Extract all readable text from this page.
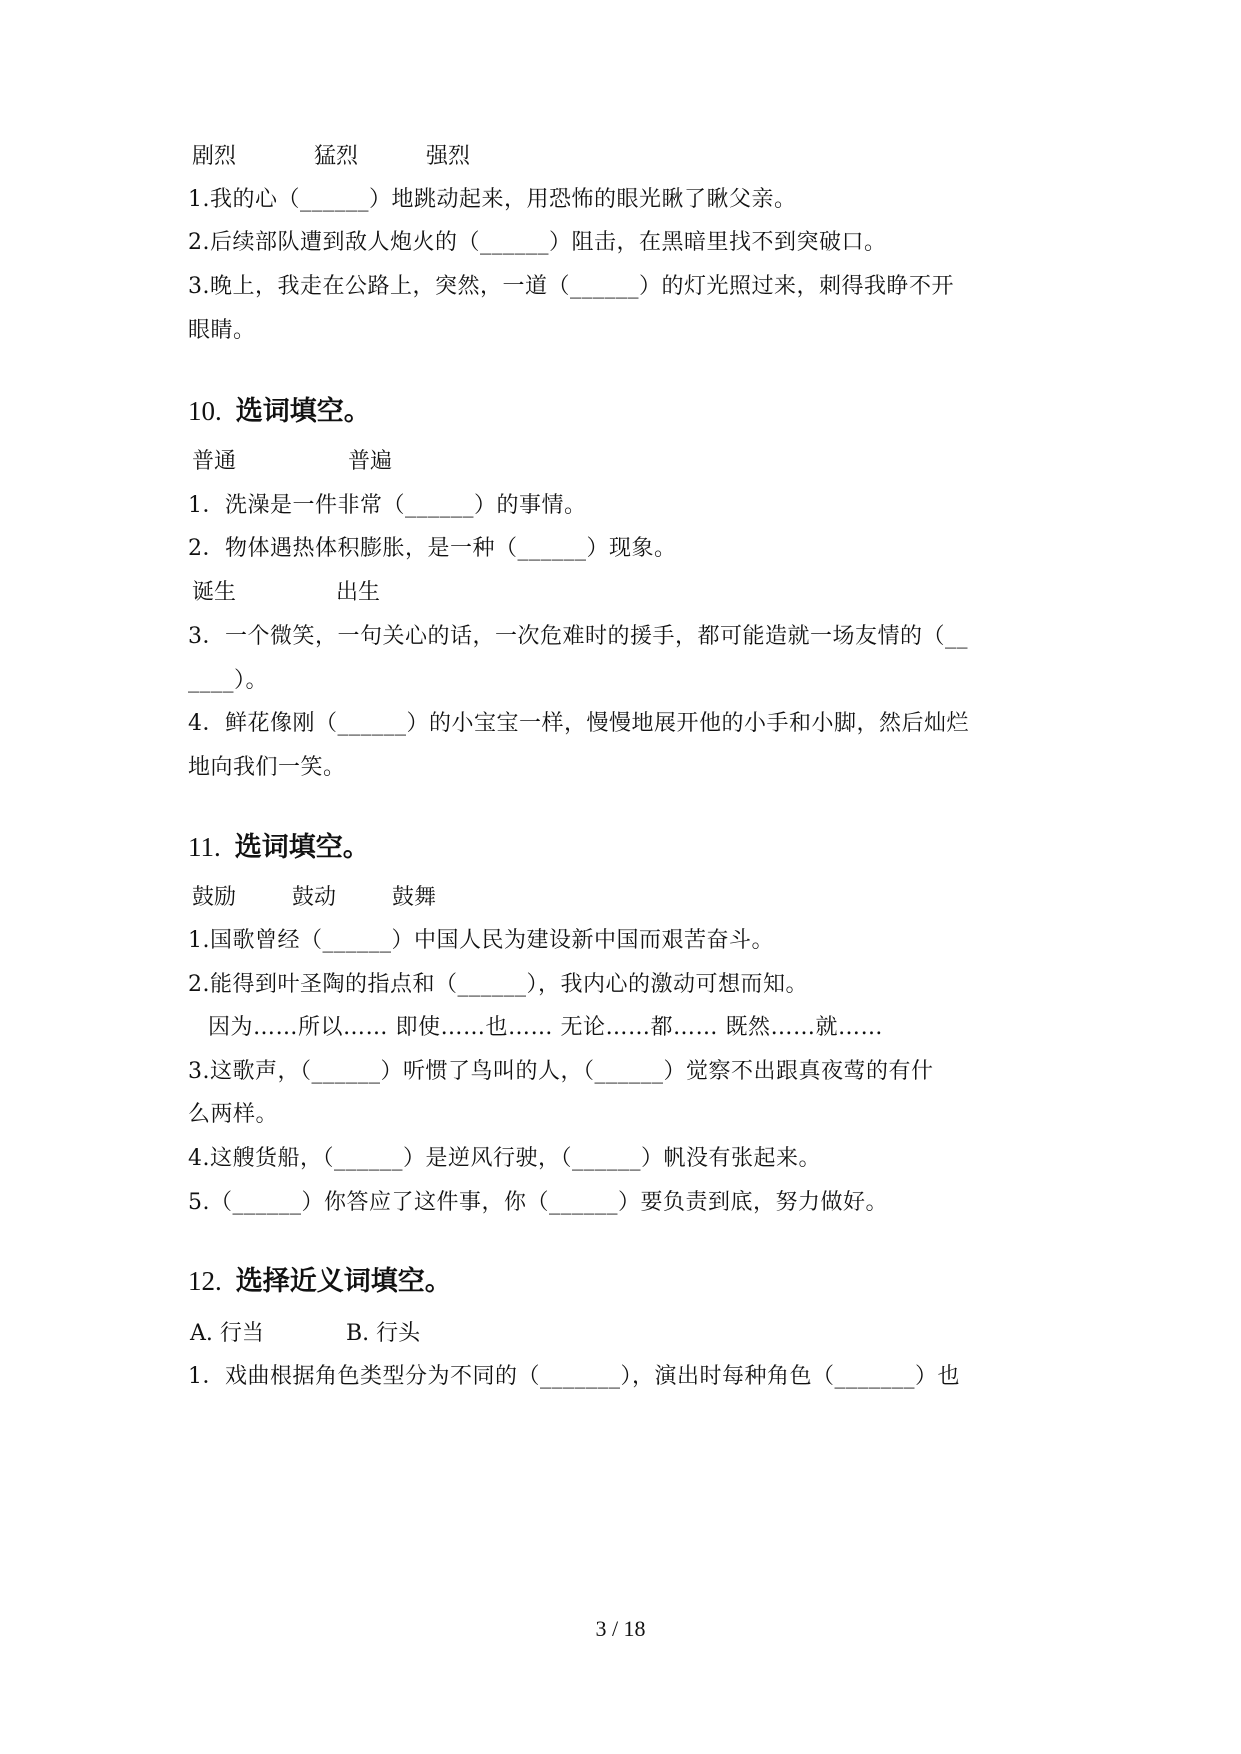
剧烈	猛烈	强烈
1.我的心（______）地跳动起来，用恐怖的眼光瞅了瞅父亲。
2.后续部队遭到敌人炮火的（______）阻击，在黑暗里找不到突破口。
3.晚上，我走在公路上，突然，一道（______）的灯光照过来，刺得我睁不开
眼睛。
10. 选词填空。
普通	普遍
1．洗澡是一件非常（______）的事情。
2．物体遇热体积膨胀，是一种（______）现象。
诞生	出生
3．一个微笑，一句关心的话，一次危难时的援手，都可能造就一场友情的（__
____）。
4．鲜花像刚（______）的小宝宝一样，慢慢地展开他的小手和小脚，然后灿烂
地向我们一笑。
11. 选词填空。
鼓励	鼓动	鼓舞
1.国歌曾经（______）中国人民为建设新中国而艰苦奋斗。
2.能得到叶圣陶的指点和（______），我内心的激动可想而知。
因为……所以…… 即使……也…… 无论……都…… 既然……就……
3.这歌声，（______）听惯了鸟叫的人，（______）觉察不出跟真夜莺的有什
么两样。
4.这艘货船，（______）是逆风行驶，（______）帆没有张起来。
5.（______）你答应了这件事，你（______）要负责到底，努力做好。
12. 选择近义词填空。
A. 行当	B. 行头
1．戏曲根据角色类型分为不同的（_______），演出时每种角色（_______）也
3 / 18
